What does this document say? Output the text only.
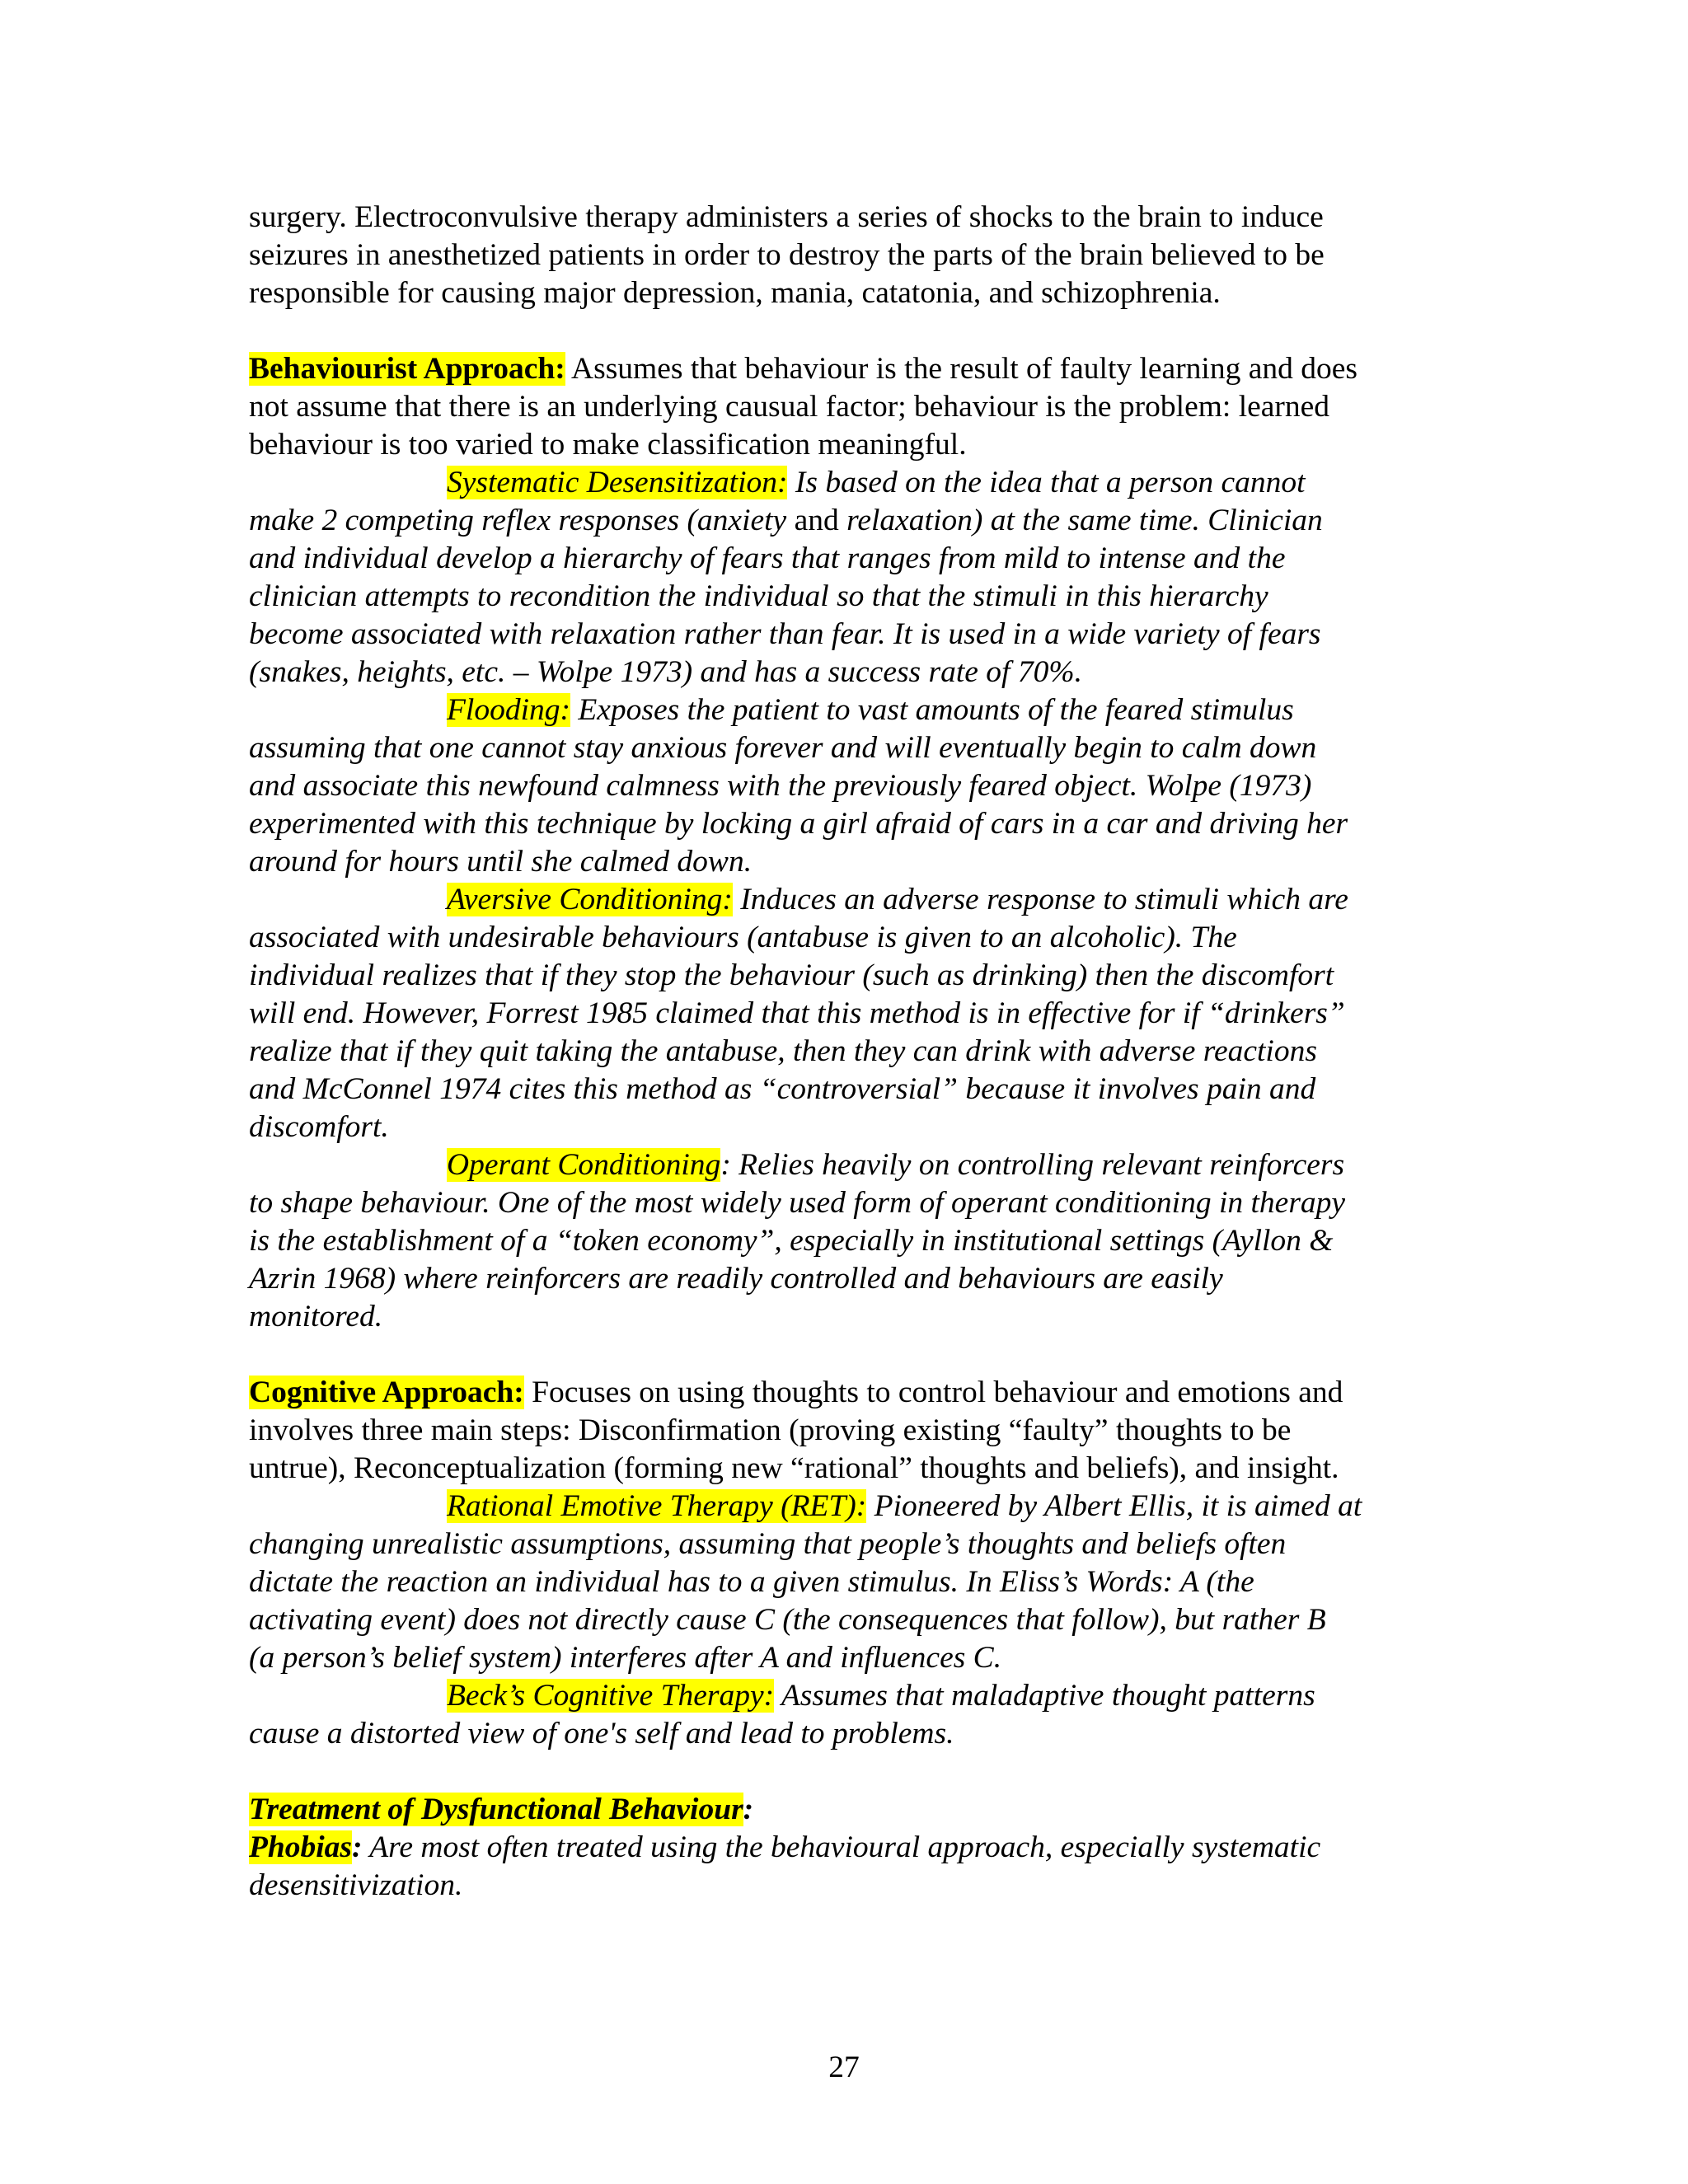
surgery. Electroconvulsive therapy administers a series of shocks to the brain to induce
seizures in anesthetized patients in order to destroy the parts of the brain believed to be
responsible for causing major depression, mania, catatonia, and schizophrenia.
Behaviourist Approach: Assumes that behaviour is the result of faulty learning and does
not assume that there is an underlying causual factor; behaviour is the problem: learned
behaviour is too varied to make classification meaningful.
Systematic Desensitization: Is based on the idea that a person cannot
make 2 competing reflex responses (anxiety and relaxation) at the same time. Clinician
and individual develop a hierarchy of fears that ranges from mild to intense and the
clinician attempts to recondition the individual so that the stimuli in this hierarchy
become associated with relaxation rather than fear. It is used in a wide variety of fears
(snakes, heights, etc. – Wolpe 1973) and has a success rate of 70%.
Flooding: Exposes the patient to vast amounts of the feared stimulus
assuming that one cannot stay anxious forever and will eventually begin to calm down
and associate this newfound calmness with the previously feared object. Wolpe (1973)
experimented with this technique by locking a girl afraid of cars in a car and driving her
around for hours until she calmed down.
Aversive Conditioning: Induces an adverse response to stimuli which are
associated with undesirable behaviours (antabuse is given to an alcoholic). The
individual realizes that if they stop the behaviour (such as drinking) then the discomfort
will end. However, Forrest 1985 claimed that this method is in effective for if “drinkers”
realize that if they quit taking the antabuse, then they can drink with adverse reactions
and McConnel 1974 cites this method as “controversial” because it involves pain and
discomfort.
Operant Conditioning: Relies heavily on controlling relevant reinforcers
to shape behaviour. One of the most widely used form of operant conditioning in therapy
is the establishment of a “token economy”, especially in institutional settings (Ayllon &
Azrin 1968) where reinforcers are readily controlled and behaviours are easily
monitored.
Cognitive Approach: Focuses on using thoughts to control behaviour and emotions and
involves three main steps: Disconfirmation (proving existing “faulty” thoughts to be
untrue), Reconceptualization (forming new “rational” thoughts and beliefs), and insight.
Rational Emotive Therapy (RET): Pioneered by Albert Ellis, it is aimed at
changing unrealistic assumptions, assuming that people’s thoughts and beliefs often
dictate the reaction an individual has to a given stimulus. In Eliss’s Words: A (the
activating event) does not directly cause C (the consequences that follow), but rather B
(a person’s belief system) interferes after A and influences C.
Beck’s Cognitive Therapy: Assumes that maladaptive thought patterns
cause a distorted view of one's self and lead to problems.
Treatment of Dysfunctional Behaviour:
Phobias: Are most often treated using the behavioural approach, especially systematic
desensitivization.
27
